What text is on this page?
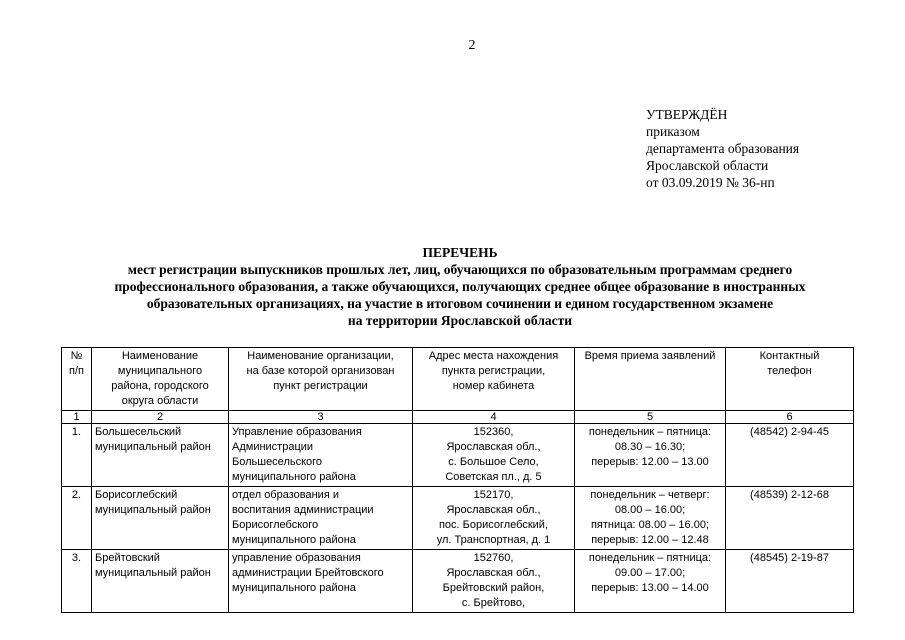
2
УТВЕРЖДЁН
приказом
департамента образования
Ярославской области
от 03.09.2019 № 36-нп
ПЕРЕЧЕНЬ
мест регистрации выпускников прошлых лет, лиц, обучающихся по образовательным программам среднего
профессионального образования, а также обучающихся, получающих среднее общее образование в иностранных
образовательных организациях, на участие в итоговом сочинении и едином государственном экзамене
на территории Ярославской области
№
п/п	Наименование
муниципального
района, городского
округа области	Наименование организации,
на базе которой организован
пункт регистрации	Адрес места нахождения
пункта регистрации,
номер кабинета	Время приема заявлений	Контактный
телефон

1	2	3	4	5	6
1.	Большесельский
муниципальный район	Управление образования
Администрации
Большесельского
муниципального района	152360,
Ярославская обл.,
с. Большое Село,
Советская пл., д. 5	понедельник – пятница:
08.30 – 16.30;
перерыв: 12.00 – 13.00	(48542) 2-94-45
2.	Борисоглебский
муниципальный район	отдел образования и
воспитания администрации
Борисоглебского
муниципального района	152170,
Ярославская обл.,
пос. Борисоглебский,
ул. Транспортная, д. 1	понедельник – четверг:
08.00 – 16.00;
пятница: 08.00 – 16.00;
перерыв: 12.00 – 12.48	(48539) 2-12-68
3.	Брейтовский
муниципальный район	управление образования
администрации Брейтовского
муниципального района	152760,
Ярославская обл.,
Брейтовский район,
с. Брейтово,	понедельник – пятница:
09.00 – 17.00;
перерыв: 13.00 – 14.00	(48545) 2-19-87
